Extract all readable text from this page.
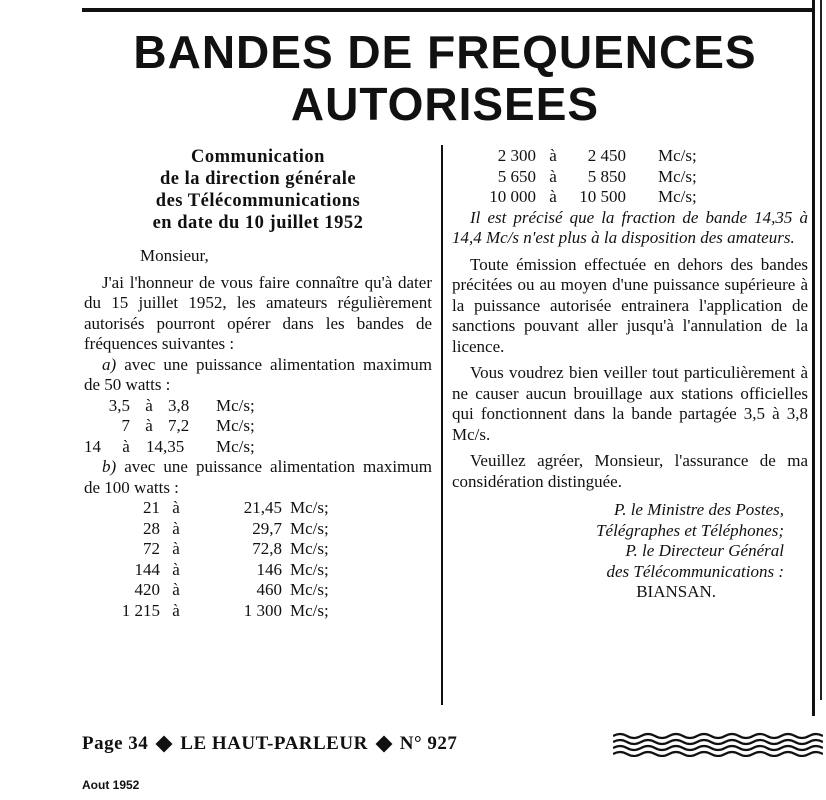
BANDES DE FREQUENCES
AUTORISEES
Communication
de la direction générale
des Télécommunications
en date du 10 juillet 1952
Monsieur,

J'ai l'honneur de vous faire connaître qu'à dater du 15 juillet 1952, les amateurs régulièrement autorisés pourront opérer dans les bandes de fréquences suivantes :

a) avec une puissance alimentation maximum de 50 watts :

3,5 à 3,8	Mc/s;
7 à 7,2	Mc/s;
14	à 14,35	Mc/s;

b) avec une puissance alimentation maximum de 100 watts :

21 à	21,45 Mc/s;
28 à	29,7 Mc/s;
72 à	72,8 Mc/s;
144 à	146 Mc/s;
420 à	460 Mc/s;
1 215 à	1 300 Mc/s;
2 300 à	2 450	Mc/s;
5 650 à	5 850	Mc/s;
10 000 à	10 500	Mc/s;

Il est précisé que la fraction de bande 14,35 à 14,4 Mc/s n'est plus à la disposition des amateurs.

Toute émission effectuée en dehors des bandes précitées ou au moyen d'une puissance supérieure à la puissance autorisée entrainera l'application de sanctions pouvant aller jusqu'à l'annulation de la licence.

Vous voudrez bien veiller tout particulièrement à ne causer aucun brouillage aux stations officielles qui fonctionnent dans la bande partagée 3,5 à 3,8 Mc/s.

Veuillez agréer, Monsieur, l'assurance de ma considération distinguée.

P. le Ministre des Postes,
Télégraphes et Téléphones;
P. le Directeur Général
des Télécommunications :
BIANSAN.
Page 34 LE HAUT-PARLEUR N° 927
Aout 1952
